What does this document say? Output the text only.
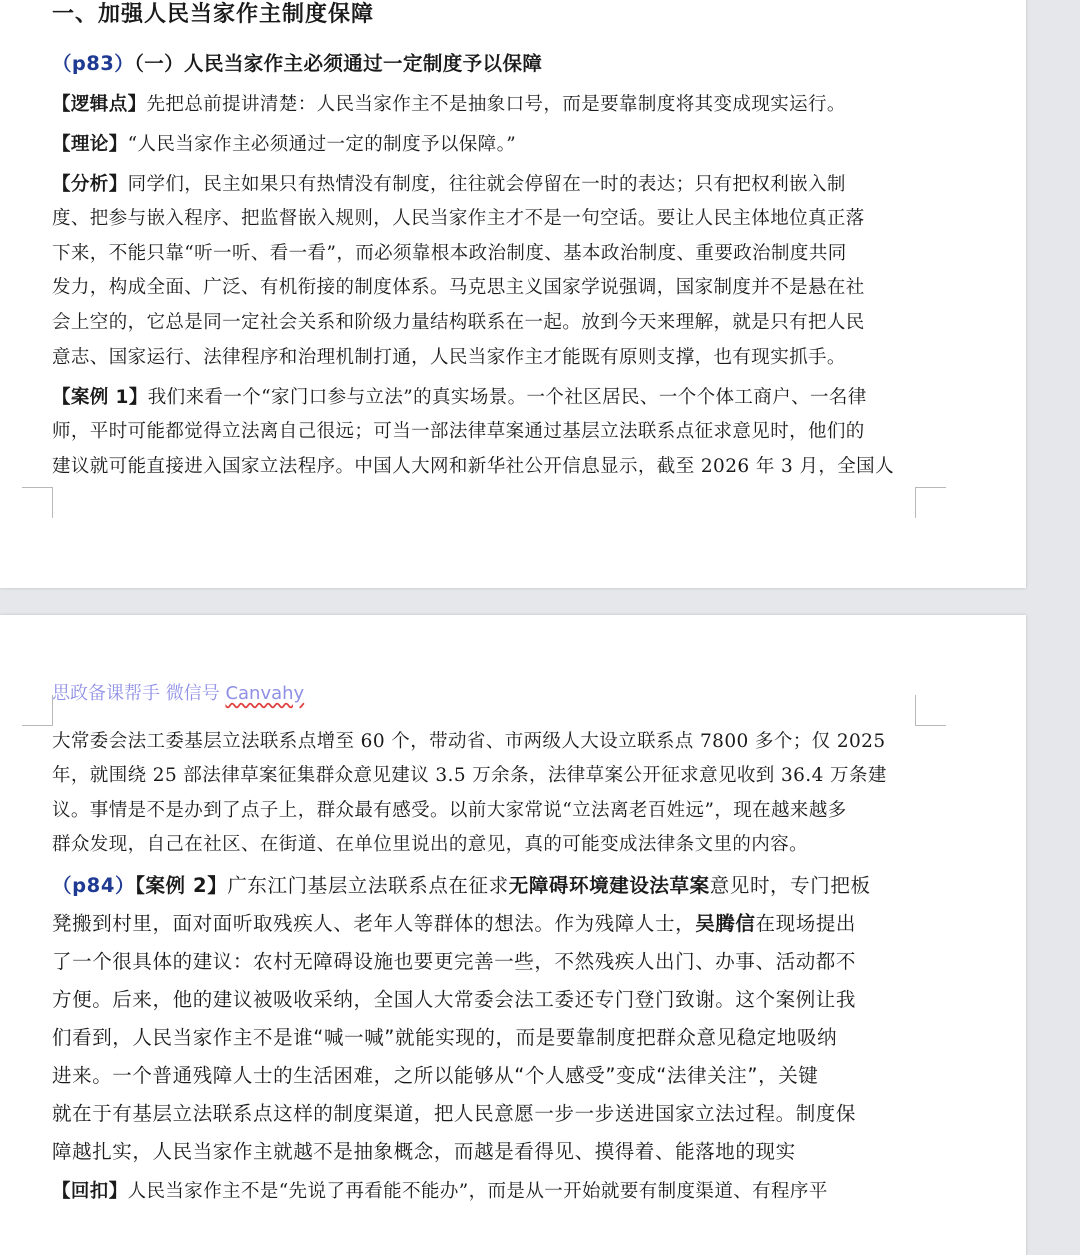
一、加强人民当家作主制度保障
（p83）（一）人民当家作主必须通过一定制度予以保障
【逻辑点】先把总前提讲清楚：人民当家作主不是抽象口号，而是要靠制度将其变成现实运行。
【理论】“人民当家作主必须通过一定的制度予以保障。”
【分析】同学们，民主如果只有热情没有制度，往往就会停留在一时的表达；只有把权利嵌入制
度、把参与嵌入程序、把监督嵌入规则，人民当家作主才不是一句空话。要让人民主体地位真正落
下来，不能只靠“听一听、看一看”，而必须靠根本政治制度、基本政治制度、重要政治制度共同
发力，构成全面、广泛、有机衔接的制度体系。马克思主义国家学说强调，国家制度并不是悬在社
会上空的，它总是同一定社会关系和阶级力量结构联系在一起。放到今天来理解，就是只有把人民
意志、国家运行、法律程序和治理机制打通，人民当家作主才能既有原则支撑，也有现实抓手。
【案例 1】我们来看一个“家门口参与立法”的真实场景。一个社区居民、一个个体工商户、一名律
师，平时可能都觉得立法离自己很远；可当一部法律草案通过基层立法联系点征求意见时，他们的
建议就可能直接进入国家立法程序。中国人大网和新华社公开信息显示，截至 2026 年 3 月，全国人
思政备课帮手 微信号 Canvahy
大常委会法工委基层立法联系点增至 60 个，带动省、市两级人大设立联系点 7800 多个；仅 2025
年，就围绕 25 部法律草案征集群众意见建议 3.5 万余条，法律草案公开征求意见收到 36.4 万条建
议。事情是不是办到了点子上，群众最有感受。以前大家常说“立法离老百姓远”，现在越来越多
群众发现，自己在社区、在街道、在单位里说出的意见，真的可能变成法律条文里的内容。
（p84）【案例 2】广东江门基层立法联系点在征求无障碍环境建设法草案意见时，专门把板
凳搬到村里，面对面听取残疾人、老年人等群体的想法。作为残障人士，吴腾信在现场提出
了一个很具体的建议：农村无障碍设施也要更完善一些，不然残疾人出门、办事、活动都不
方便。后来，他的建议被吸收采纳，全国人大常委会法工委还专门登门致谢。这个案例让我
们看到，人民当家作主不是谁“喊一喊”就能实现的，而是要靠制度把群众意见稳定地吸纳
进来。一个普通残障人士的生活困难，之所以能够从“个人感受”变成“法律关注”，关键
就在于有基层立法联系点这样的制度渠道，把人民意愿一步一步送进国家立法过程。制度保
障越扎实，人民当家作主就越不是抽象概念，而越是看得见、摸得着、能落地的现实
【回扣】人民当家作主不是“先说了再看能不能办”，而是从一开始就要有制度渠道、有程序平
